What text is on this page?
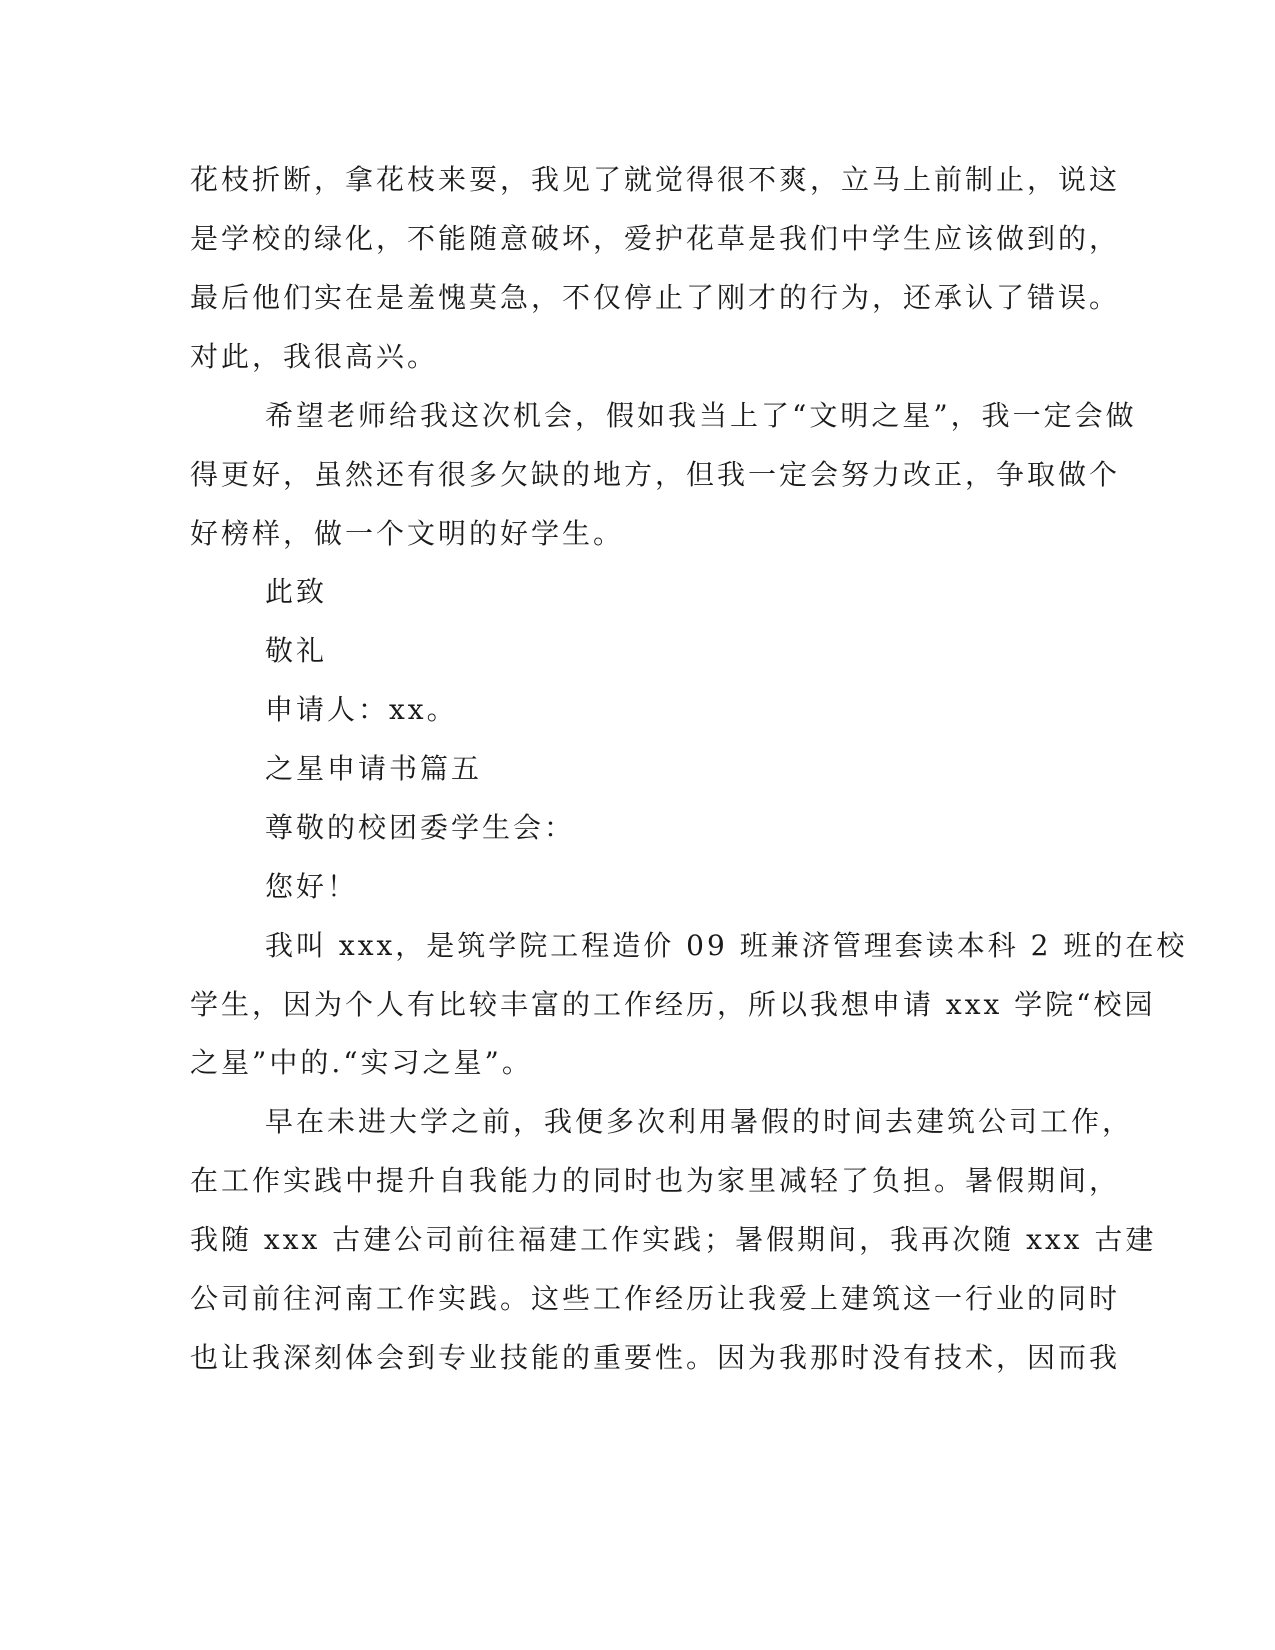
花枝折断，拿花枝来耍，我见了就觉得很不爽，立马上前制止，说这
是学校的绿化，不能随意破坏，爱护花草是我们中学生应该做到的，
最后他们实在是羞愧莫急，不仅停止了刚才的行为，还承认了错误。
对此，我很高兴。
希望老师给我这次机会，假如我当上了“文明之星”，我一定会做
得更好，虽然还有很多欠缺的地方，但我一定会努力改正，争取做个
好榜样，做一个文明的好学生。
此致
敬礼
申请人：xx。
之星申请书篇五
尊敬的校团委学生会：
您好！
我叫 xxx，是筑学院工程造价 09 班兼济管理套读本科 2 班的在校
学生，因为个人有比较丰富的工作经历，所以我想申请 xxx 学院“校园
之星”中的.“实习之星”。
早在未进大学之前，我便多次利用暑假的时间去建筑公司工作，
在工作实践中提升自我能力的同时也为家里减轻了负担。暑假期间，
我随 xxx 古建公司前往福建工作实践；暑假期间，我再次随 xxx 古建
公司前往河南工作实践。这些工作经历让我爱上建筑这一行业的同时
也让我深刻体会到专业技能的重要性。因为我那时没有技术，因而我
